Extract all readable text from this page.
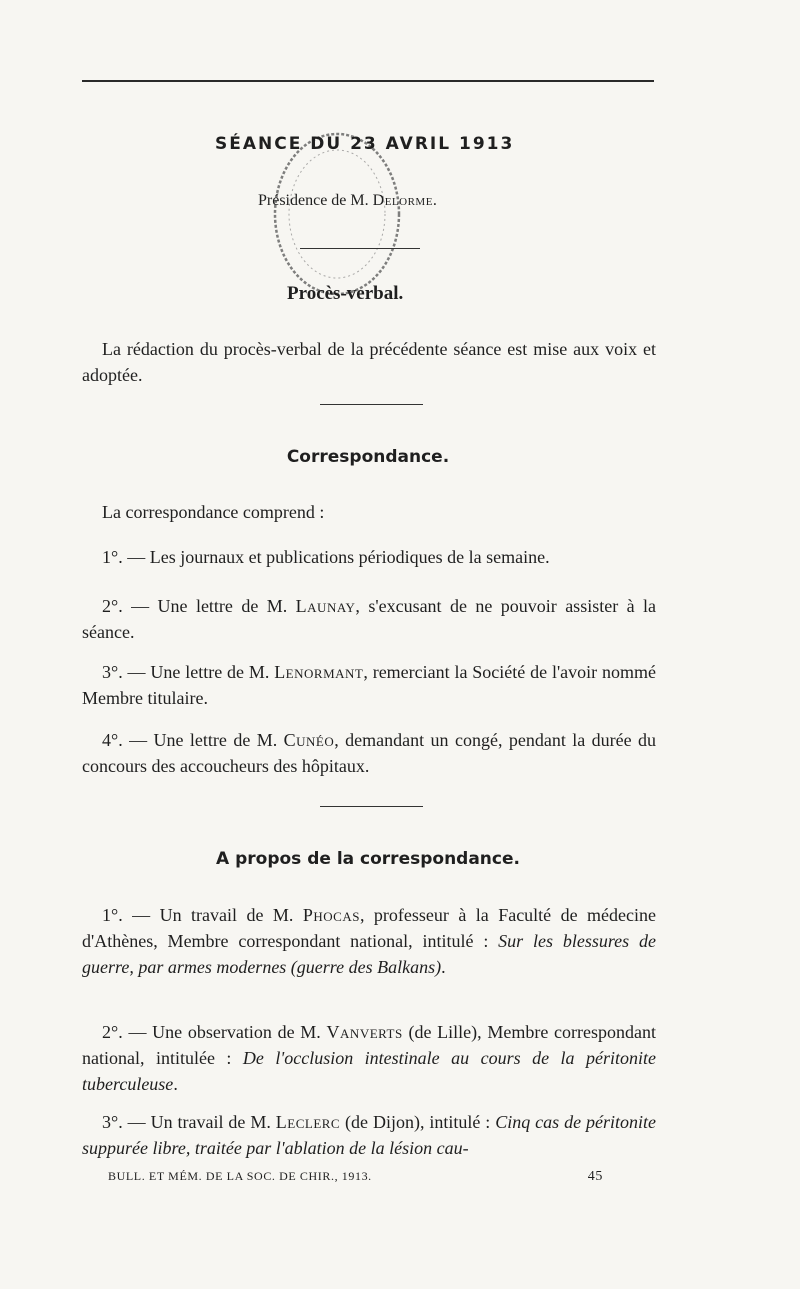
SÉANCE DU 23 AVRIL 1913
Présidence de M. Delorme.
Procès-verbal.
La rédaction du procès-verbal de la précédente séance est mise aux voix et adoptée.
Correspondance.
La correspondance comprend :
1°. — Les journaux et publications périodiques de la semaine.
2°. — Une lettre de M. Launay, s'excusant de ne pouvoir assister à la séance.
3°. — Une lettre de M. Lenormant, remerciant la Société de l'avoir nommé Membre titulaire.
4°. — Une lettre de M. Cunéo, demandant un congé, pendant la durée du concours des accoucheurs des hôpitaux.
A propos de la correspondance.
1°. — Un travail de M. Phocas, professeur à la Faculté de médecine d'Athènes, Membre correspondant national, intitulé : Sur les blessures de guerre, par armes modernes (guerre des Balkans).
2°. — Une observation de M. Vanverts (de Lille), Membre correspondant national, intitulée : De l'occlusion intestinale au cours de la péritonite tuberculeuse.
3°. — Un travail de M. Leclerc (de Dijon), intitulé : Cinq cas de péritonite suppurée libre, traitée par l'ablation de la lésion cau-
BULL. ET MÉM. DE LA SOC. DE CHIR., 1913.	45
